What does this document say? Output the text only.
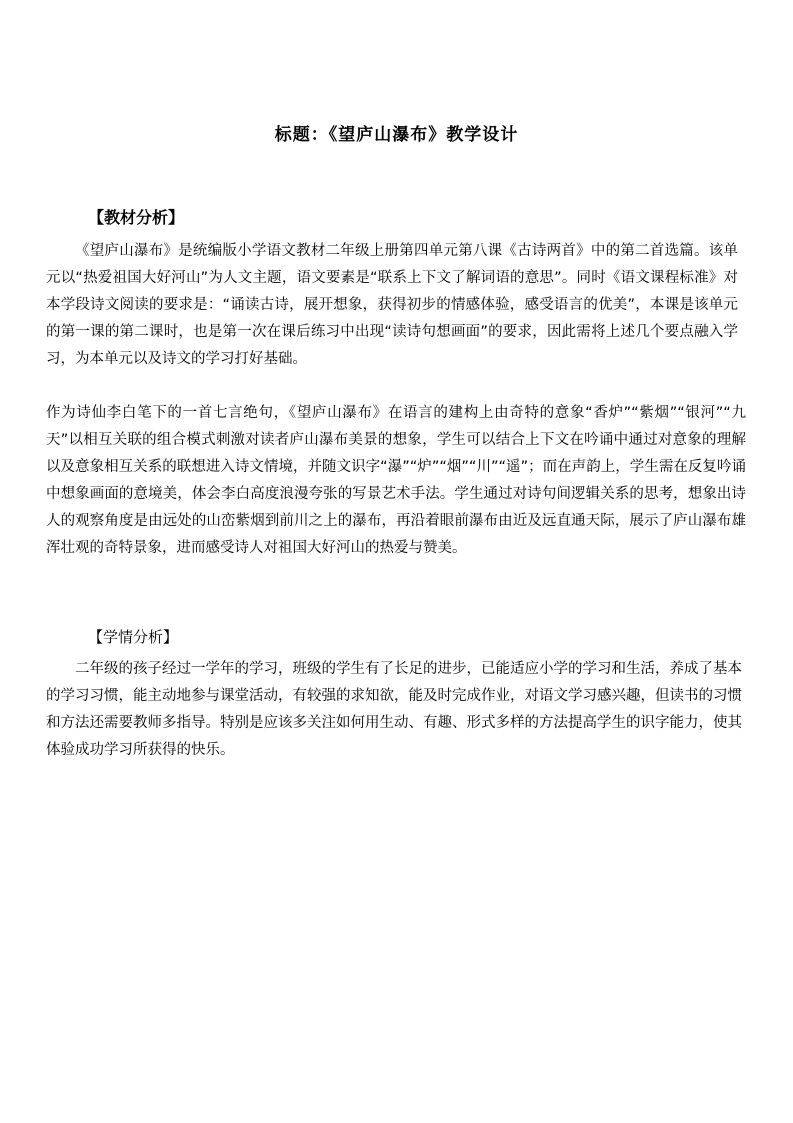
标题：《望庐山瀑布》教学设计
【教材分析】

《望庐山瀑布》是统编版小学语文教材二年级上册第四单元第八课《古诗两首》中的第二首选篇。该单元以“热爱祖国大好河山”为人文主题，语文要素是“联系上下文了解词语的意思”。同时《语文课程标准》对本学段诗文阅读的要求是：“诵读古诗，展开想象，获得初步的情感体验，感受语言的优美”，本课是该单元的第一课的第二课时，也是第一次在课后练习中出现“读诗句想画面”的要求，因此需将上述几个要点融入学习，为本单元以及诗文的学习打好基础。

作为诗仙李白笔下的一首七言绝句，《望庐山瀑布》在语言的建构上由奇特的意象“香炉”“紫烟”“银河”“九天”以相互关联的组合模式刺激对读者庐山瀑布美景的想象，学生可以结合上下文在吟诵中通过对意象的理解以及意象相互关系的联想进入诗文情境，并随文识字“瀑”“炉”“烟”“川”“遥”；而在声韵上，学生需在反复吟诵中想象画面的意境美，体会李白高度浪漫夸张的写景艺术手法。学生通过对诗句间逻辑关系的思考，想象出诗人的观察角度是由远处的山峦紫烟到前川之上的瀑布，再沿着眼前瀑布由近及远直通天际，展示了庐山瀑布雄浑壮观的奇特景象，进而感受诗人对祖国大好河山的热爱与赞美。

【学情分析】

二年级的孩子经过一学年的学习，班级的学生有了长足的进步，已能适应小学的学习和生活，养成了基本的学习习惯，能主动地参与课堂活动，有较强的求知欲，能及时完成作业，对语文学习感兴趣，但读书的习惯和方法还需要教师多指导。特别是应该多关注如何用生动、有趣、形式多样的方法提高学生的识字能力，使其体验成功学习所获得的快乐。
